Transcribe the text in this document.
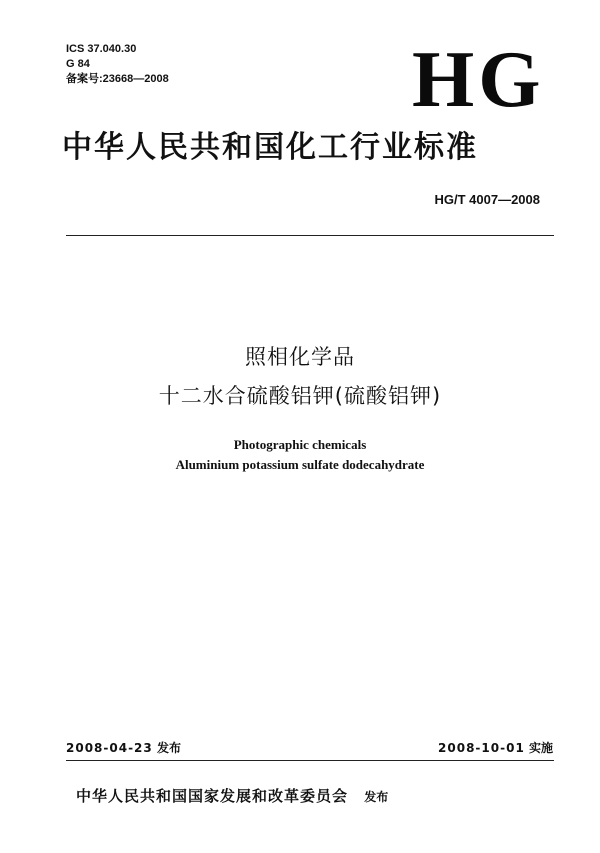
ICS 37.040.30
G 84
备案号:23668—2008	HG
中华人民共和国化工行业标准
HG/T 4007—2008
照相化学品
十二水合硫酸铝钾(硫酸铝钾)
Photographic chemicals
Aluminium potassium sulfate dodecahydrate
2008-04-23 发布	2008-10-01 实施
中华人民共和国国家发展和改革委员会 发布
